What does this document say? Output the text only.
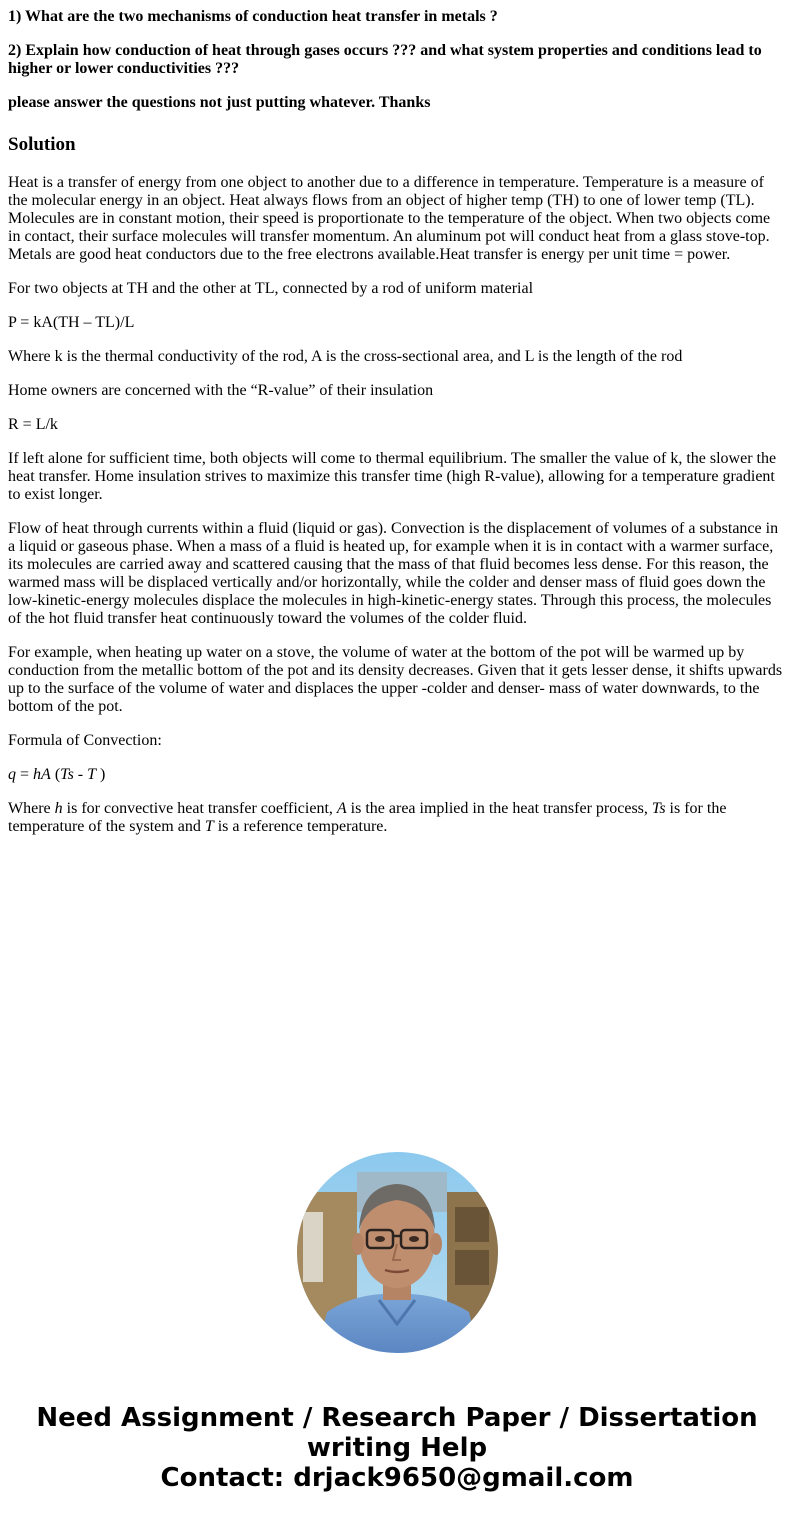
1) What are the two mechanisms of conduction heat transfer in metals ?

2) Explain how conduction of heat through gases occurs ??? and what system properties and conditions lead to higher or lower conductivities ???

please answer the questions not just putting whatever. Thanks

Solution

Heat is a transfer of energy from one object to another due to a difference in temperature. Temperature is a measure of the molecular energy in an object. Heat always flows from an object of higher temp (TH) to one of lower temp (TL). Molecules are in constant motion, their speed is proportionate to the temperature of the object. When two objects come in contact, their surface molecules will transfer momentum. An aluminum pot will conduct heat from a glass stove-top. Metals are good heat conductors due to the free electrons available.Heat transfer is energy per unit time = power.

For two objects at TH and the other at TL, connected by a rod of uniform material

P = kA(TH – TL)/L

Where k is the thermal conductivity of the rod, A is the cross-sectional area, and L is the length of the rod

Home owners are concerned with the “R-value” of their insulation

R = L/k

If left alone for sufficient time, both objects will come to thermal equilibrium. The smaller the value of k, the slower the heat transfer. Home insulation strives to maximize this transfer time (high R-value), allowing for a temperature gradient to exist longer.

Flow of heat through currents within a fluid (liquid or gas). Convection is the displacement of volumes of a substance in a liquid or gaseous phase. When a mass of a fluid is heated up, for example when it is in contact with a warmer surface, its molecules are carried away and scattered causing that the mass of that fluid becomes less dense. For this reason, the warmed mass will be displaced vertically and/or horizontally, while the colder and denser mass of fluid goes down the low-kinetic-energy molecules displace the molecules in high-kinetic-energy states. Through this process, the molecules of the hot fluid transfer heat continuously toward the volumes of the colder fluid.

For example, when heating up water on a stove, the volume of water at the bottom of the pot will be warmed up by conduction from the metallic bottom of the pot and its density decreases. Given that it gets lesser dense, it shifts upwards up to the surface of the volume of water and displaces the upper -colder and denser- mass of water downwards, to the bottom of the pot.

Formula of Convection:

q = hA (Ts - T )

Where h is for convective heat transfer coefficient, A is the area implied in the heat transfer process, Ts is for the temperature of the system and T is a reference temperature.

Need Assignment / Research Paper / Dissertation writing Help
Contact: drjack9650@gmail.com
